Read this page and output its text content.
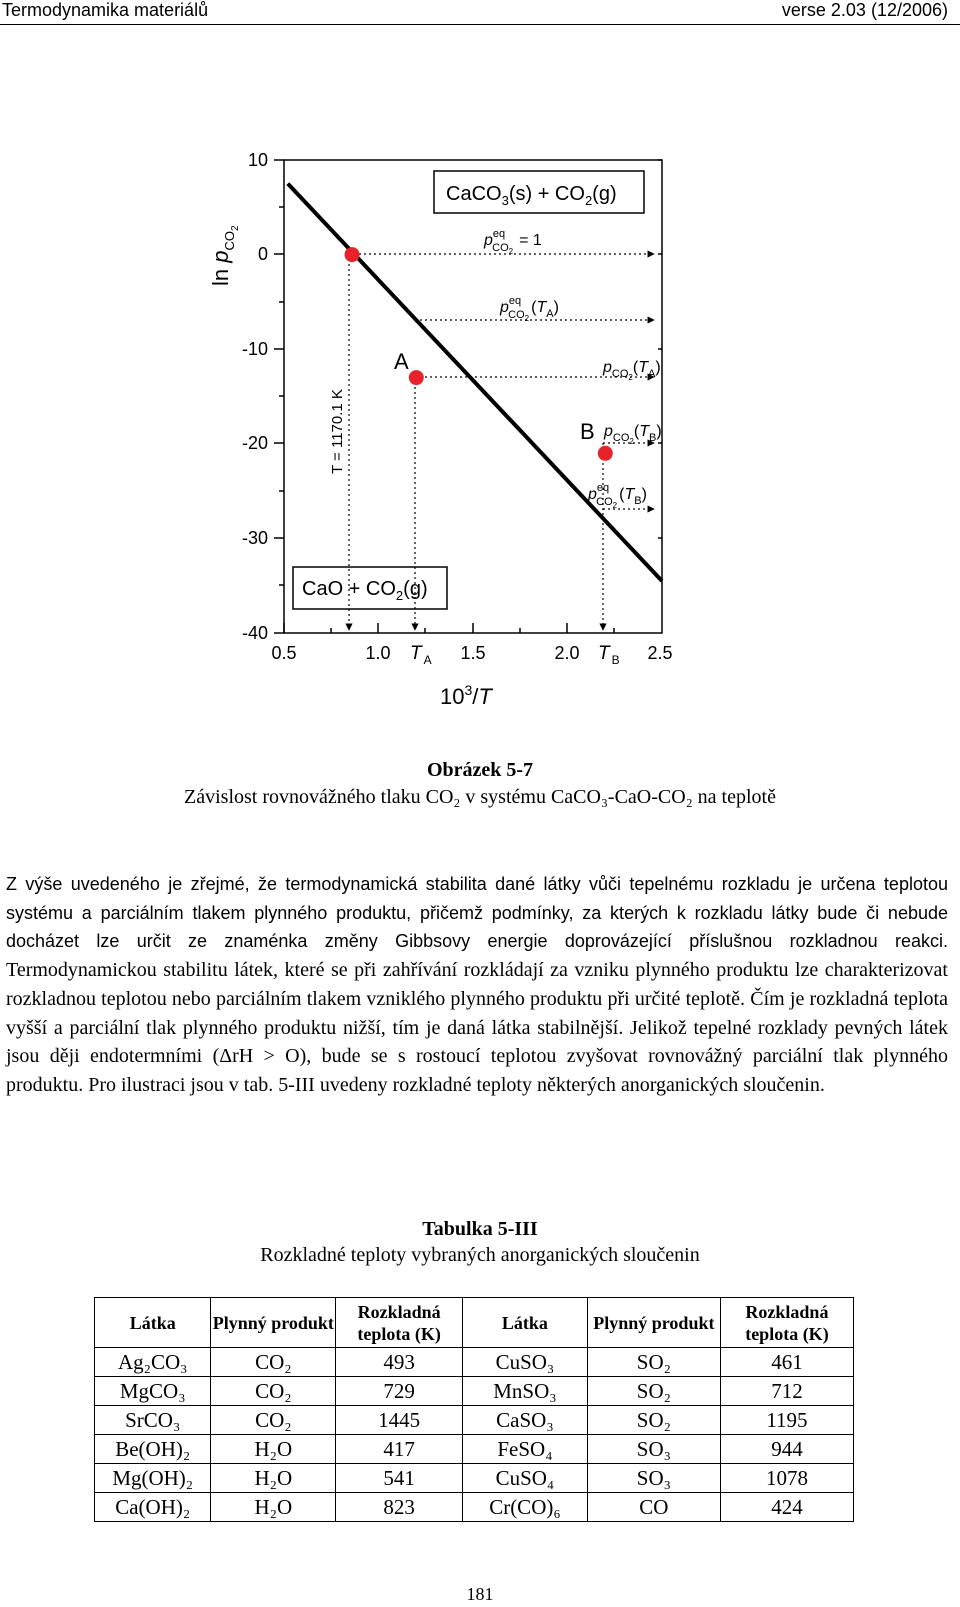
Termodynamika materiálů	verse 2.03 (12/2006)
10
0
-10
-20
-30
-40
0.5	1.0	1.5	2.0	2.5
T $_A$	T $_B$
$10^3/T$
$\ln p_{CO}2$
CaCO$_3$(s) + $CO_2(g)$
CaO + $CO_2(g)$
A
B
$p^{eq}$ CO2= 1
$p^{eq}$ $CO2(T_A)$
$p_{CO}2(T_A)$
$p_{CO}2(T_B)$
$p^{eq}$ $CO2(T_B)$
T = 1170.1 K
Obrázek 5-7
Závislost rovnovážného tlaku CO₂ v systému CaCO₃-CaO-CO₂ na teplotě
Z výše uvedeného je zřejmé, že termodynamická stabilita dané látky vůči tepelnému rozkladu je určena teplotou systému a parciálním tlakem plynného produktu, přičemž podmínky, za kterých k rozkladu látky bude či nebude docházet lze určit ze znaménka změny Gibbsovy energie doprovázející příslušnou rozkladnou reakci. Termodynamickou stabilitu látek, které se při zahřívání rozkládají za vzniku plynného produktu lze charakterizovat rozkladnou teplotou nebo parciálním tlakem vzniklého plynného produktu při určité teplotě. Čím je rozkladná teplota vyšší a parciální tlak plynného produktu nižší, tím je daná látka stabilnější. Jelikož tepelné rozklady pevných látek jsou ději endotermními (ΔrH > O), bude se s rostoucí teplotou zvyšovat rovnovážný parciální tlak plynného produktu. Pro ilustraci jsou v tab. 5-III uvedeny rozkladné teploty některých anorganických sloučenin.
Tabulka 5-III
Rozkladné teploty vybraných anorganických sloučenin
Látka	Plynný produkt	Rozkladná teplota (K)	Látka	Plynný produkt	Rozkladná teplota (K)
Ag₂CO₃	CO₂	493	CuSO₃	SO₂	461
MgCO₃	CO₂	729	MnSO₃	SO₂	712
SrCO₃	CO₂	1445	CaSO₃	SO₂	1195
Be(OH)₂	H₂O	417	FeSO₄	SO₃	944
Mg(OH)₂	H₂O	541	CuSO₄	SO₃	1078
Ca(OH)₂	H₂O	823	Cr(CO)₆	CO	424
181
